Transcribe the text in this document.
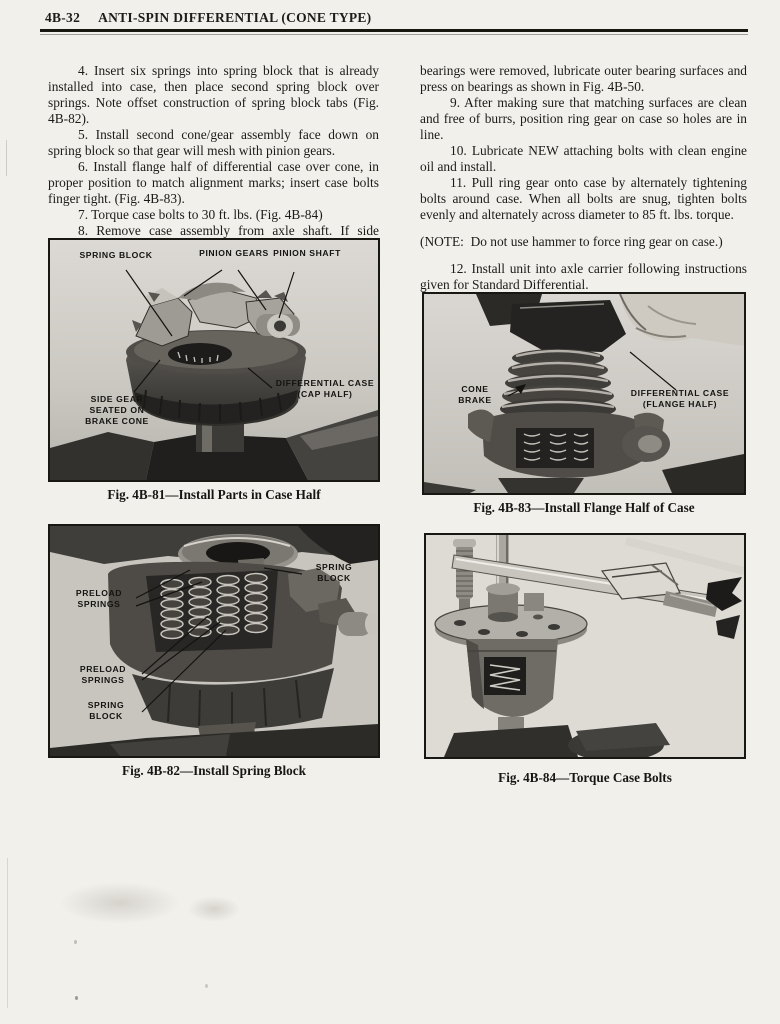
4B-32 ANTI-SPIN DIFFERENTIAL (CONE TYPE)

4. Insert six springs into spring block that is already installed into case, then place second spring block over springs. Note offset construction of spring block tabs (Fig. 4B-82).

5. Install second cone/gear assembly face down on spring block so that gear will mesh with pinion gears.

6. Install flange half of differential case over cone, in proper position to match alignment marks; insert case bolts finger tight. (Fig. 4B-83).

7. Torque case bolts to 30 ft. lbs. (Fig. 4B-84)

8. Remove case assembly from axle shaft. If side

bearings were removed, lubricate outer bearing surfaces and press on bearings as shown in Fig. 4B-50.

9. After making sure that matching surfaces are clean and free of burrs, position ring gear on case so holes are in line.

10. Lubricate NEW attaching bolts with clean engine oil and install.

11. Pull ring gear onto case by alternately tightening bolts around case. When all bolts are snug, tighten bolts evenly and alternately across diameter to 85 ft. lbs. torque.

(NOTE:  Do not use hammer to force ring gear on case.)

12. Install unit into axle carrier following instructions given for Standard Differential.

SPRING BLOCK	PINION GEARS PINION SHAFT
DIFFERENTIAL CASE (CAP HALF)
SIDE GEAR SEATED ON BRAKE CONE
Fig. 4B-81—Install Parts in Case Half
CONE BRAKE
DIFFERENTIAL CASE (FLANGE HALF)
Fig. 4B-83—Install Flange Half of Case
SPRING BLOCK
PRELOAD SPRINGS
PRELOAD SPRINGS
SPRING BLOCK
Fig. 4B-82—Install Spring Block	Fig. 4B-84—Torque Case Bolts
